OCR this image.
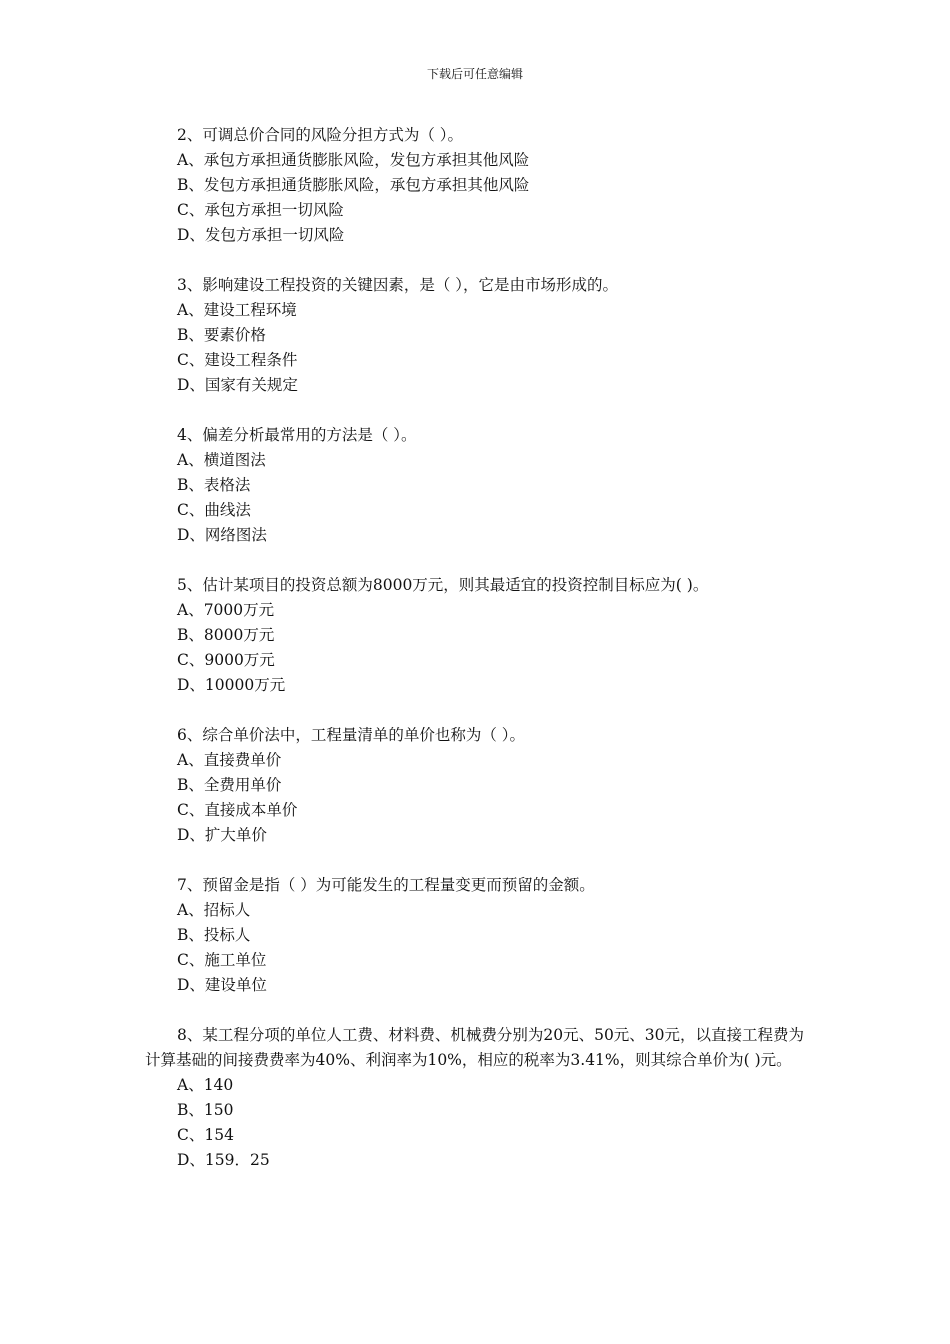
下载后可任意编辑
2、可调总价合同的风险分担方式为（ ）。
A、承包方承担通货膨胀风险，发包方承担其他风险
B、发包方承担通货膨胀风险，承包方承担其他风险
C、承包方承担一切风险
D、发包方承担一切风险
3、影响建设工程投资的关键因素，是（ ），它是由市场形成的。
A、建设工程环境
B、要素价格
C、建设工程条件
D、国家有关规定
4、偏差分析最常用的方法是（ ）。
A、横道图法
B、表格法
C、曲线法
D、网络图法
5、估计某项目的投资总额为8000万元，则其最适宜的投资控制目标应为( )。
A、7000万元
B、8000万元
C、9000万元
D、10000万元
6、综合单价法中，工程量清单的单价也称为（ ）。
A、直接费单价
B、全费用单价
C、直接成本单价
D、扩大单价
7、预留金是指（ ）为可能发生的工程量变更而预留的金额。
A、招标人
B、投标人
C、施工单位
D、建设单位
8、某工程分项的单位人工费、材料费、机械费分别为20元、50元、30元，以直接工程费为计算基础的间接费费率为40%、利润率为10%，相应的税率为3.41%，则其综合单价为( )元。
A、140
B、150
C、154
D、159．25
